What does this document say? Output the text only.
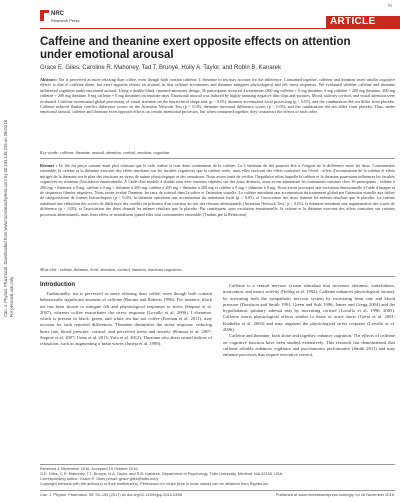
93
NRC
Research Press	ARTICLE
Can. J. Physiol. Pharmacol. Downloaded from www.nrcresearchpress.com by 50.234.138.226 on 09/24/18
For personal use only.
Caffeine and theanine exert opposite effects on attention under emotional arousal
Grace E. Giles, Caroline R. Mahoney, Tad T. Brunyé, Holly A. Taylor, and Robin B. Kanarek
Abstract: Tea is perceived as more relaxing than coffee, even though both contain caffeine. L-theanine in tea may account for the difference. Consumed together, caffeine and theanine exert similar cognitive effects to that of caffeine alone, but exert opposite effects on arousal, in that caffeine accentuates and theanine mitigates physiological and felt stress responses. We evaluated whether caffeine and theanine influenced cognition under emotional arousal. Using a double-blind, repeated-measures design, 36 participants received 4 treatments (200 mg caffeine + 0 mg theanine, 0 mg caffeine + 200 mg theanine, 200 mg caffeine + 200 mg theanine, 0 mg caffeine + 0 mg theanine) on separate days. Emotional arousal was induced by highly arousing negative film clips and pictures. Mood, salivary cortisol, and visual attention were evaluated. Caffeine accentuated global processing of visual attention on the hierarchical shape task (p < 0.05), theanine accentuated local processing (p < 0.05), and the combination did not differ from placebo. Caffeine reduced flanker conflict difference scores on the Attention Network Test (p < 0.05), theanine increased difference scores (p < 0.05), and the combination did not differ from placebo. Thus, under emotional arousal, caffeine and theanine exert opposite effects on certain attentional processes, but when consumed together, they counteract the effects of each other.
Key words: caffeine, theanine, arousal, attention, cortisol, emotion, cognition.
Résumé : Le thé est perçu comme étant plus relaxant que le café, même si tous deux contiennent de la caféine. La L-théanine du thé pourrait être à l'origine de la différence entre les deux. Consommées ensemble, la caféine et la théanine exercent des effets similaires sur les facultés cognitives que la caféine seule, mais elles exercent des effets contraires sur l'éveil : effets d'accentuation de la caféine et effets mitigés de la théanine sur le plan des réactions au stress de nature physiologique et des sensations. Nous avons tenté de vérifier l'hypothèse selon laquelle la caféine et la théanine pourraient influencer les facultés cognitives en situation d'excitation émotionnelle. À l'aide d'un modèle à double insu avec mesures répétées sur des jours distincts, nous avons administré les traitements suivants chez 36 participants : caféine à 200 mg + théanine à 0 mg, caféine à 0 mg + théanine à 200 mg, caféine à 200 mg + théanine à 200 mg et caféine à 0 mg + théanine à 0 mg. Nous avons provoqué une excitation émotionnelle à l'aide d'images et de séquences filmées négatives. Nous avons évalué l'humeur, les taux de cortisol dans la salive et l'attention visuelle. La caféine entraînait une accentuation du traitement global par l'attention visuelle aux tâches de catégorisation de formes hiérarchiques (p < 0,05), la théanine entraînait une accentuation du traitement local (p < 0,05), et l'association des deux donnait les mêmes résultats que le placebo. La caféine entraînait une réduction des scores de différence des conflits en présence d'un coacteur au test des réseaux attentionnels (Attention Network Test ; p < 0,05), la théanine entraînait une augmentation des scores de différence (p < 0,05), et l'association des deux donnait les mêmes résultats que le placebo. Par conséquent, sous excitation émotionnelle, la caféine et la théanine exercent des effets contraires sur certains processus attentionnels, mais leurs effets se neutralisent quand elles sont consommées ensemble. [Traduit par la Rédaction]
Mots-clés : caféine, théanine, éveil, attention, cortisol, émotion, fonctions cognitives.
Introduction

Traditionally, tea is perceived as more relaxing than coffee, even though both contain behaviorally significant amounts of caffeine (Barone and Roberts 1996). For instance, black tea has been shown to mitigate felt and physiological responses to stress (Steptoe et al. 2007), whereas coffee exacerbates the stress response (Lovallo et al. 2006). L-theanine, which is present in black, green, and white tea but not coffee (Keenan et al. 2011), may account for such reported differences. Theanine diminishes the stress response, reducing heart rate, blood pressure, cortisol, and perceived stress and anxiety (Kimura et al. 2007; Steptoe et al. 2007; Unno et al. 2013; Yoto et al. 2012). Theanine also alters neural indices of relaxation, such as augmenting α brain waves (Juneja et al. 1999).

Caffeine is a central nervous system stimulant that increases alertness, wakefulness, motivation, and motor activity (Nehlig et al. 1992). Caffeine enhances physiological arousal, by activating both the sympathetic nervous system by increasing heart rate and blood pressure (Davidson and Smith 1991; Green and Suls 1996; James and Gregg 2004) and the hypothalamic pituitary adrenal axis by increasing cortisol (Lovallo et al. 1996, 2005). Caffeine exerts physiological effects similar to those of acute stress (Gerra et al. 2001; Kudielka et al. 2004) and may augment the physiological stress response (Lovallo et al. 2006).

Caffeine and theanine, both alone and together, enhance cognition. The effects of caffeine on cognitive function have been studied extensively. This research has demonstrated that caffeine reliably enhances vigilance and psychomotor performance (Smith 2011) and may enhance processes that require executive control,

Received 4 September 2016. Accepted 19 October 2016.
G.E. Giles, C.R. Mahoney, T.T. Brunyé, H.A. Taylor, and R.B. Kanarek. Department of Psychology, Tufts University, Medford, MA 02155, USA.
Corresponding author: Grace E. Giles (email: grace.giles@tufts.edu).
Copyright remains with the author(s) or their institution(s). Permission for reuse (free in most cases) can be obtained from RightsLink.
Can. J. Physiol. Pharmacol. 95: 93–100 (2017) dx.doi.org/10.1139/cjpp-2016-0498	Published at www.nrcresearchpress.com/cjpp on 16 November 2016.
